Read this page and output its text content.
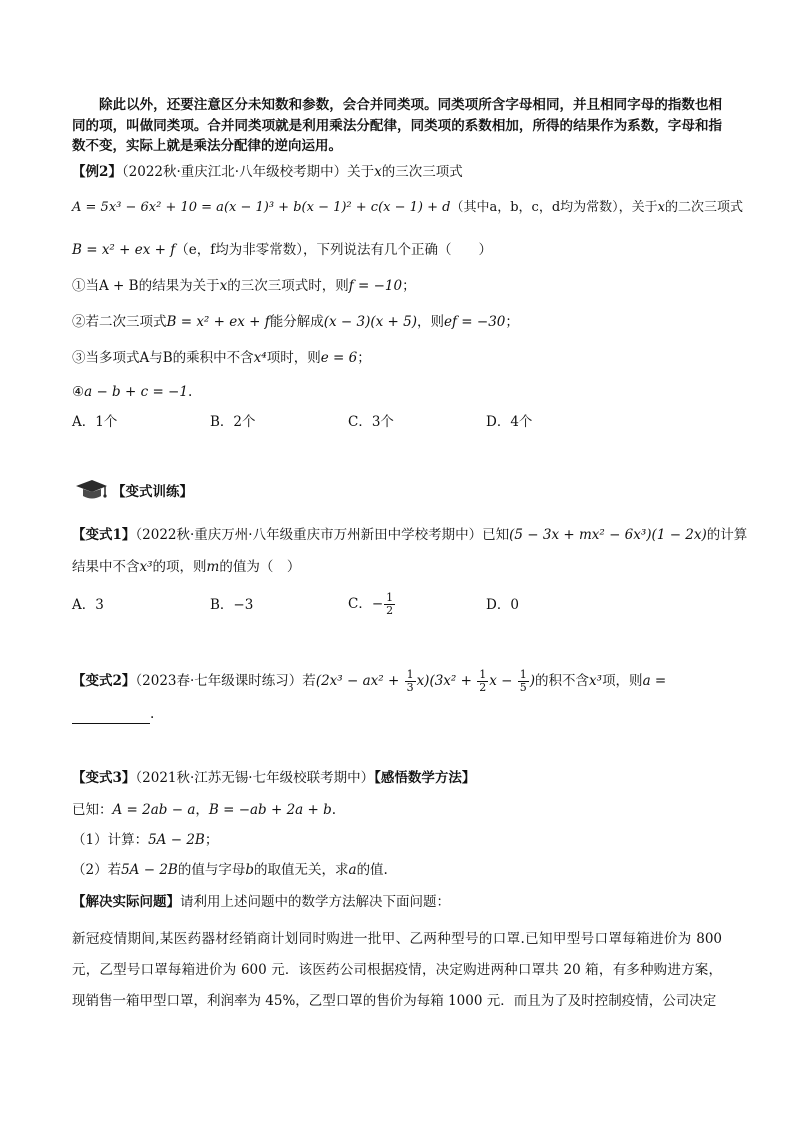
除此以外，还要注意区分未知数和参数，会合并同类项。同类项所含字母相同，并且相同字母的指数也相同的项，叫做同类项。合并同类项就是利用乘法分配律，同类项的系数相加，所得的结果作为系数，字母和指数不变，实际上就是乘法分配律的逆向运用。
【例2】（2022秋·重庆江北·八年级校考期中）关于x的三次三项式
A = 5x³ − 6x² + 10 = a(x − 1)³ + b(x − 1)² + c(x − 1) + d（其中a，b，c，d均为常数），关于x的二次三项式
B = x² + ex + f（e，f均为非零常数），下列说法有几个正确（　　）
①当A + B的结果为关于x的三次三项式时，则f = −10；
②若二次三项式B = x² + ex + f能分解成(x − 3)(x + 5)，则ef = −30；
③当多项式A与B的乘积中不含x⁴项时，则e = 6；
④a − b + c = −1.
A．1个	B．2个	C．3个	D．4个
【变式训练】
【变式1】（2022秋·重庆万州·八年级重庆市万州新田中学校考期中）已知(5 − 3x + mx² − 6x³)(1 − 2x)的计算
结果中不含x³的项，则m的值为（　）
A．3	B．−3	C．− $\frac{1}{2}$	D．0
【变式2】（2023春·七年级课时练习）若$(2x^3 - ax^2 + \frac{1}{3} x)(3x^2 + \frac{1}{2}$ $x - \frac{1}{5}$ )的积不含x³项，则a =
.
【变式3】（2021秋·江苏无锡·七年级校联考期中）【感悟数学方法】
已知：A = 2ab − a，B = −ab + 2a + b.
（1）计算：5A − 2B；
（2）若5A − 2B的值与字母b的取值无关，求a的值.
【解决实际问题】请利用上述问题中的数学方法解决下面问题：
新冠疫情期间,某医药器材经销商计划同时购进一批甲、乙两种型号的口罩.已知甲型号口罩每箱进价为 800元，乙型号口罩每箱进价为 600 元．该医药公司根据疫情，决定购进两种口罩共 20 箱，有多种购进方案，现销售一箱甲型口罩，利润率为 45%，乙型口罩的售价为每箱 1000 元．而且为了及时控制疫情，公司决定
